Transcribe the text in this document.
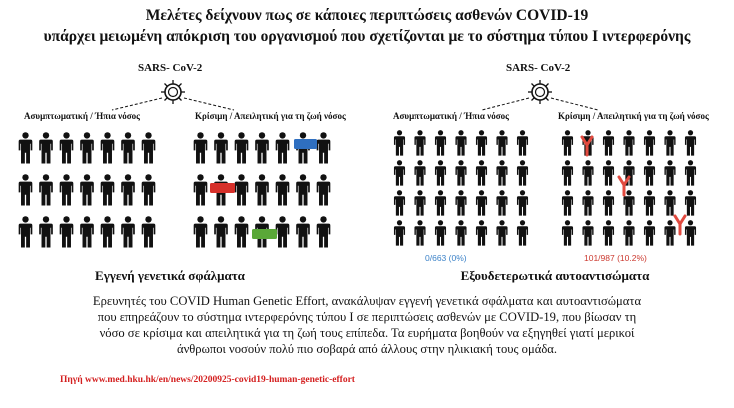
Μελέτες δείχνουν πως σε κάποιες περιπτώσεις ασθενών COVID-19
υπάρχει μειωμένη απόκριση του οργανισμού που σχετίζονται με το σύστημα τύπου I ιντερφερόνης
SARS- CoV-2
Ασυμπτωματική / Ήπια νόσος	Κρίσιμη / Απειλητική για τη ζωή νόσος
Εγγενή γενετικά σφάλματα
SARS- CoV-2
Ασυμπτωματική / Ήπια νόσος	Κρίσιμη / Απειλητική για τη ζωή νόσος
0/663 (0%)	101/987 (10.2%)
Εξουδετερωτικά αυτοαντισώματα
Ερευνητές του COVID Human Genetic Effort, ανακάλυψαν εγγενή γενετικά σφάλματα και αυτοαντισώματα
που επηρεάζουν το σύστημα ιντερφερόνης τύπου I σε περιπτώσεις ασθενών με COVID-19, που βίωσαν τη
νόσο σε κρίσιμα και απειλητικά για τη ζωή τους επίπεδα. Τα ευρήματα βοηθούν να εξηγηθεί γιατί μερικοί
άνθρωποι νοσούν πολύ πιο σοβαρά από άλλους στην ηλικιακή τους ομάδα.
Πηγή www.med.hku.hk/en/news/20200925-covid19-human-genetic-effort
